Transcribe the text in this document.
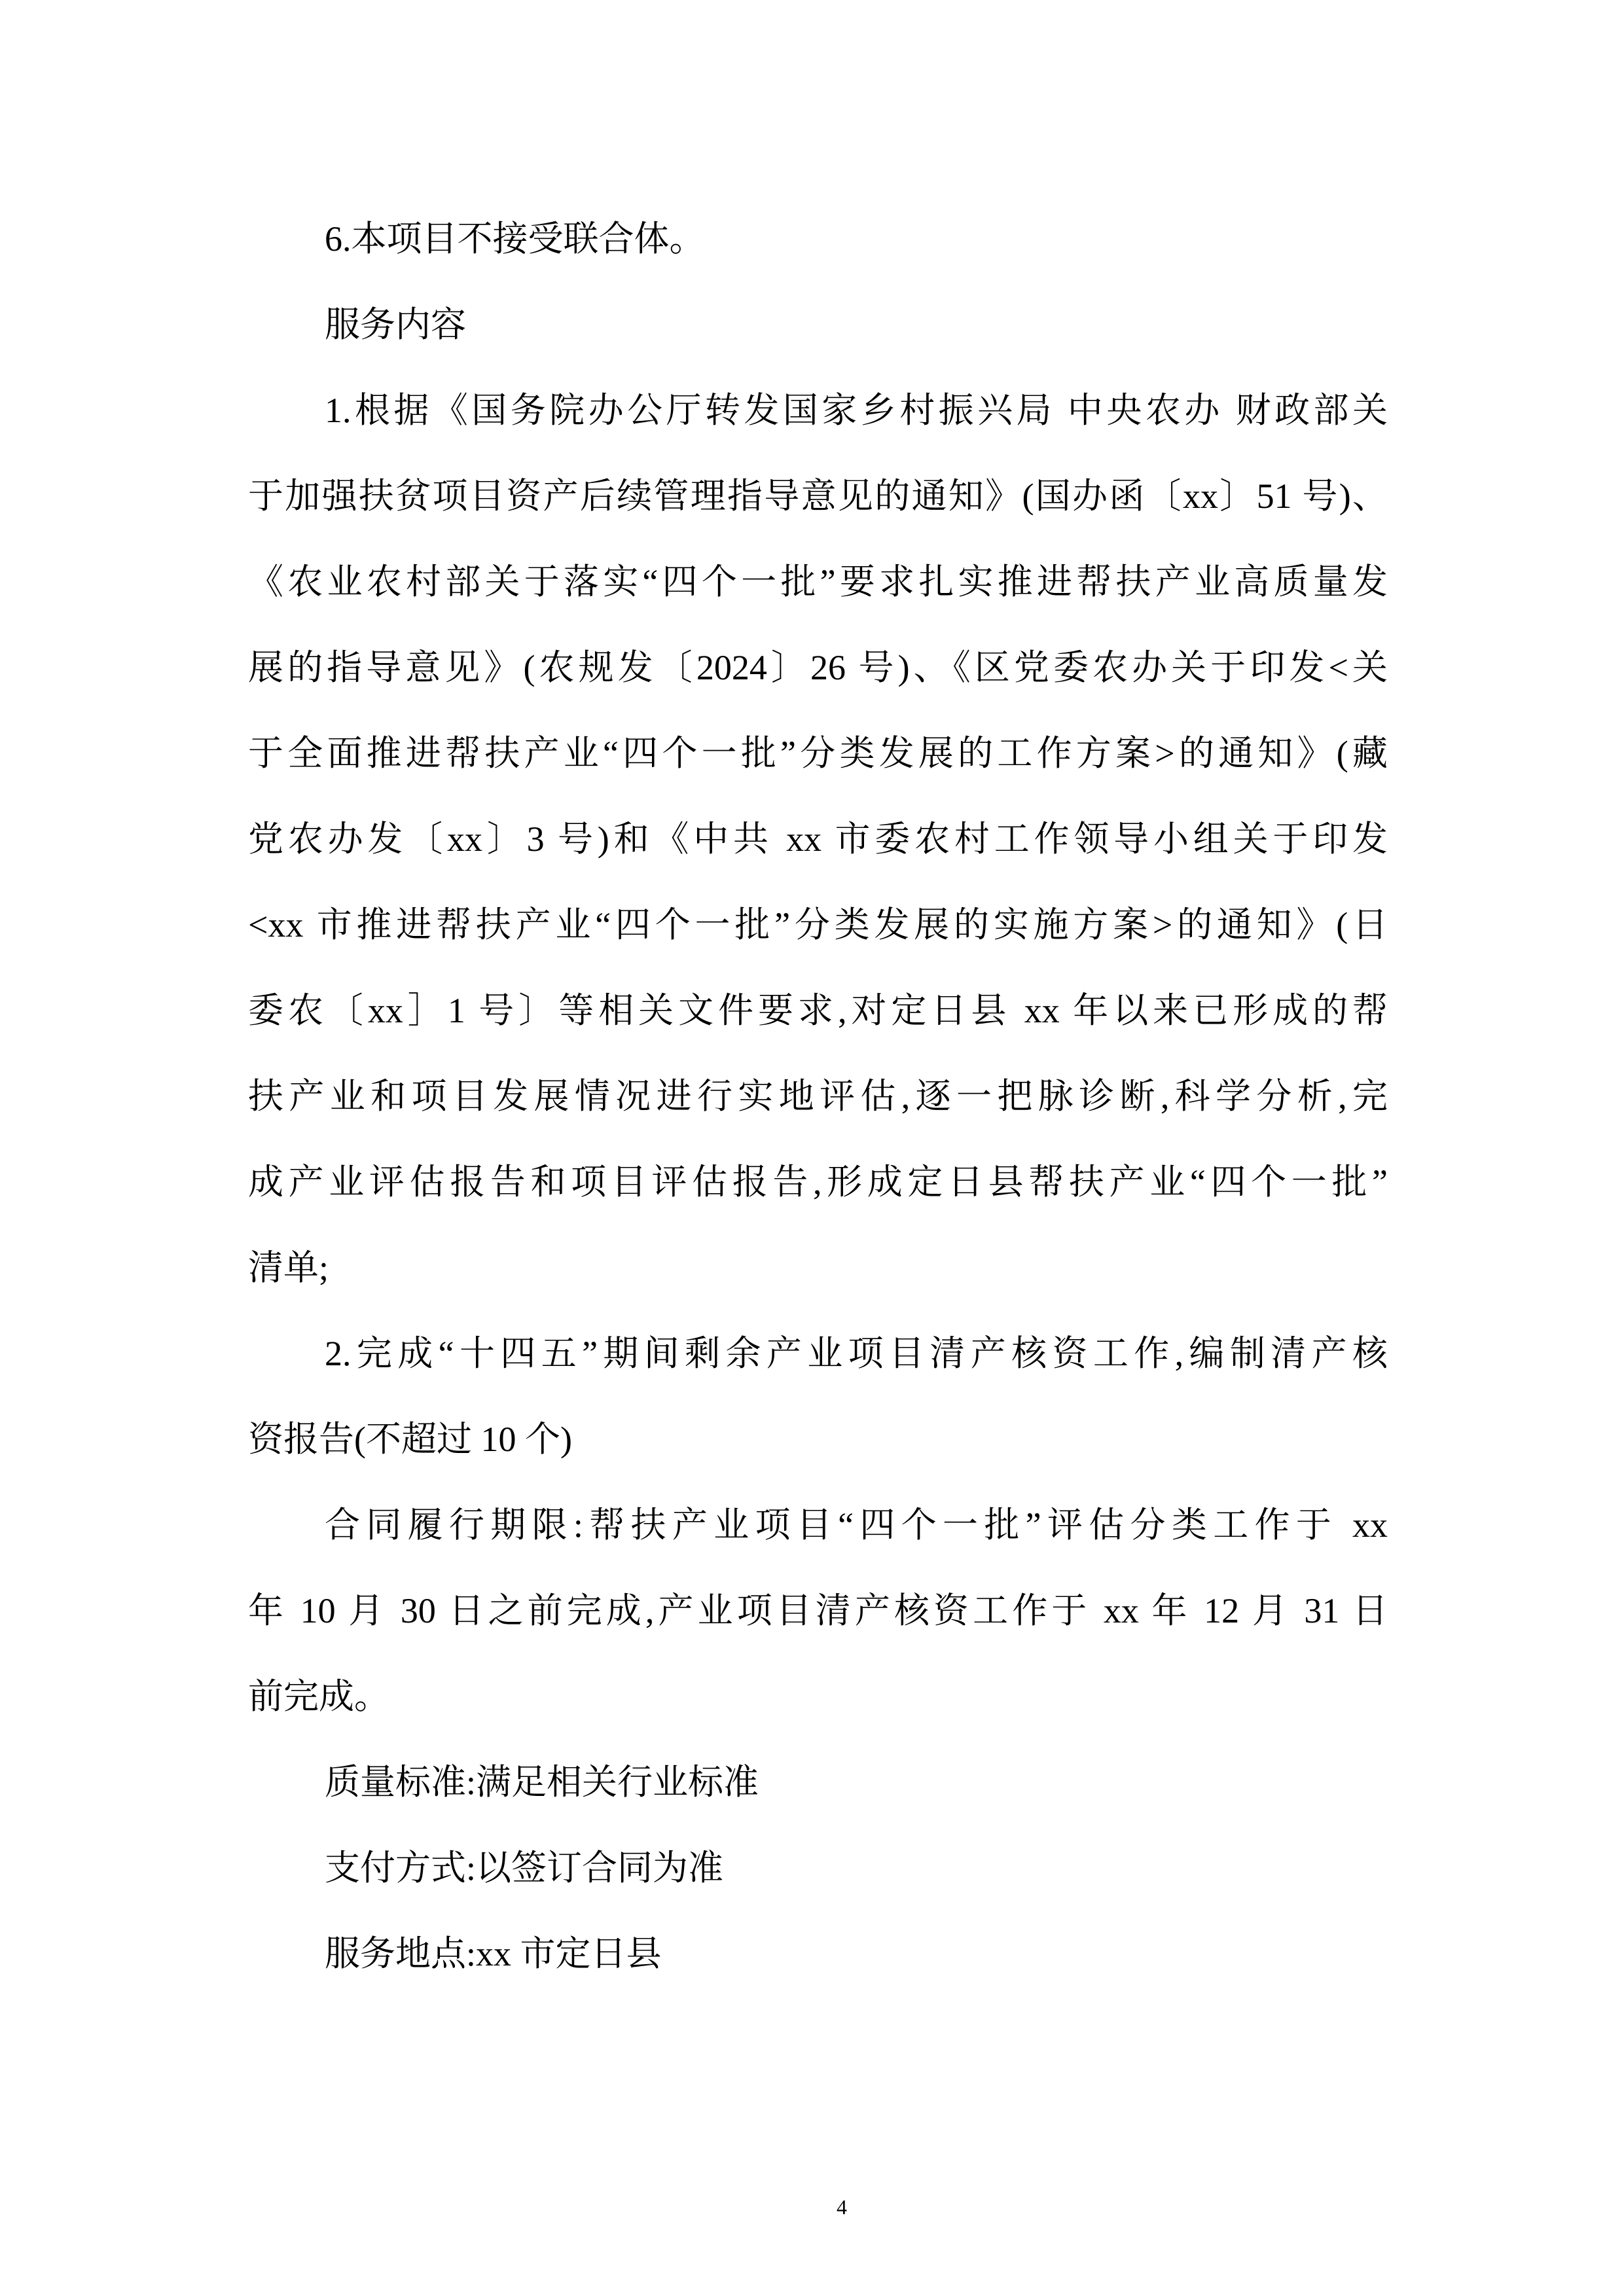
6.本项目不接受联合体。
服务内容
1.根据《国务院办公厅转发国家乡村振兴局 中央农办 财政部关
于加强扶贫项目资产后续管理指导意见的通知》(国办函〔xx〕51 号)、
《农业农村部关于落实“四个一批”要求扎实推进帮扶产业高质量发
展的指导意见》(农规发〔2024〕26 号)、《区党委农办关于印发<关
于全面推进帮扶产业“四个一批”分类发展的工作方案>的通知》(藏
党农办发〔xx〕3 号)和《中共 xx 市委农村工作领导小组关于印发
<xx 市推进帮扶产业“四个一批”分类发展的实施方案>的通知》(日
委农〔xx］1 号〕等相关文件要求,对定日县 xx 年以来已形成的帮
扶产业和项目发展情况进行实地评估,逐一把脉诊断,科学分析,完
成产业评估报告和项目评估报告,形成定日县帮扶产业“四个一批”
清单;
2.完成“十四五”期间剩余产业项目清产核资工作,编制清产核
资报告(不超过 10 个)
合同履行期限:帮扶产业项目“四个一批”评估分类工作于 xx
年 10 月 30 日之前完成,产业项目清产核资工作于 xx 年 12 月 31 日
前完成。
质量标准:满足相关行业标准
支付方式:以签订合同为准
服务地点:xx 市定日县
4
